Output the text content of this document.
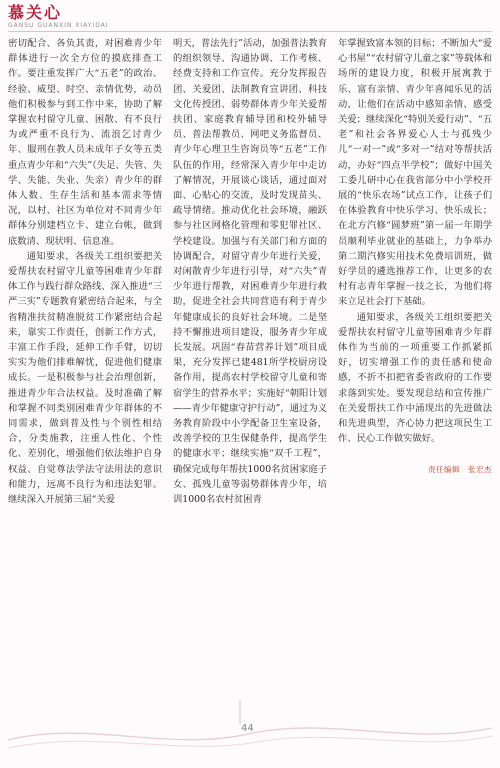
慕关心
GANSU GUANXIN XIAYIDAI

密切配合、各负其责，对困难青少年群体进行一次全方位的摸底排查工作。要注重发挥广大“五老”的政治、经验、威望、时空、亲情优势，动员他们积极参与到工作中来，协助了解掌握农村留守儿童、困散、有不良行为或严重不良行为、流浪乞讨青少年、服刑在教人员未成年子女等五类重点青少年和“六失”（失足、失管、失学、失能、失业、失亲）青少年的群体人数、生存生活和基本需求等情况，以村、社区为单位对不同青少年群体分别建档立卡、建立台帐，做到底数清、现状明、信息准。

通知要求，各级关工组织要把关爱帮扶农村留守儿童等困难青少年群体工作与践行群众路线、深入推进“三严三实”专题教育紧密结合起来，与全省精准扶贫精准脱贫工作紧密结合起来，靠实工作责任，创新工作方式，丰富工作手段，延伸工作手臂，切切实实为他们排难解忧，促进他们健康成长。一是积极参与社会治理创新，推进青少年合法权益。及时准确了解和掌握不同类别困难青少年群体的不同需求，做到普及性与个别性相结合，分类施教，注重人性化、个性化、差别化，增强他们依法维护自身权益、自觉尊法学法守法用法的意识和能力，远离不良行为和违法犯罪。继续深入开展第三届“关爱

明天，普法先行”活动，加强普法教育的组织领导、沟通协调、工作考核、经费支持和工作宣传。充分发挥报告团、关爱团、法制教育宣讲团、科技文化传授团、弱势群体青少年关爱帮扶团、家庭教育辅导团和校外辅导员、普法帮教员、网吧义务监督员、青少年心理卫生咨询员等“五老”工作队伍的作用，经常深入青少年中走访了解情况，开展谈心谈话，通过面对面、心贴心的交流，及时发现苗头、疏导情绪。推动优化社会环境，融跃参与社区网格化管理和零犯罪社区、学校建设。加强与有关部门和方面的协调配合，对留守青少年进行关爱，对闲散青少年进行引导，对“六失”青少年进行帮教，对困难青少年进行救助，促进全社会共同营造有利于青少年健康成长的良好社会环境。二是坚持不懈推进项目建设，服务青少年成长发展。巩固“春苗营养计划”项目成果，充分发挥已建481所学校厨房设备作用，提高农村学校留守儿童和寄宿学生的营养水平；实施好“朝阳计划——青少年健康守护行动”，通过为义务教育阶段中小学配备卫生室设备，改善学校的卫生保健条件，提高学生的健康水平；继续实施“双千工程”，确保完成每年帮扶1000名贫困家庭子女、孤残儿童等弱势群体青少年，培训1000名农村贫困青

年掌握致富本领的目标；不断加大“爱心书屋”“农村留守儿童之家”等载体和场所的建设力度，积极开展寓教于乐、富有亲情、青少年喜闻乐见的活动，让他们在活动中感知亲情、感受关爱；继续深化“特别关爱行动”、“五老”和社会各界爱心人士与孤残少儿“一对一”或“多对一”结对等帮扶活动，办好“四点半学校”；做好中国关工委儿研中心在我省部分中小学校开展的“快乐农场”试点工作，让孩子们在体验教育中快乐学习、快乐成长；在北方汽修“圆梦班”第一届一年期学员顺利毕业就业的基础上，力争举办第二期汽修实用技术免费培训班，做好学员的遴选推荐工作，让更多的农村有志青年掌握一技之长，为他们将来立足社会打下基础。

通知要求，各级关工组织要把关爱帮扶农村留守儿童等困难青少年群体作为当前的一项重要工作抓紧抓好，切实增强工作的责任感和使命感，不折不扣把省委省政府的工作要求落到实处。要发现总结和宣传推广在关爱帮扶工作中涌现出的先进做法和先进典型，齐心协力把这项民生工作、民心工作做实做好。

责任编辑　张宏杰
44
